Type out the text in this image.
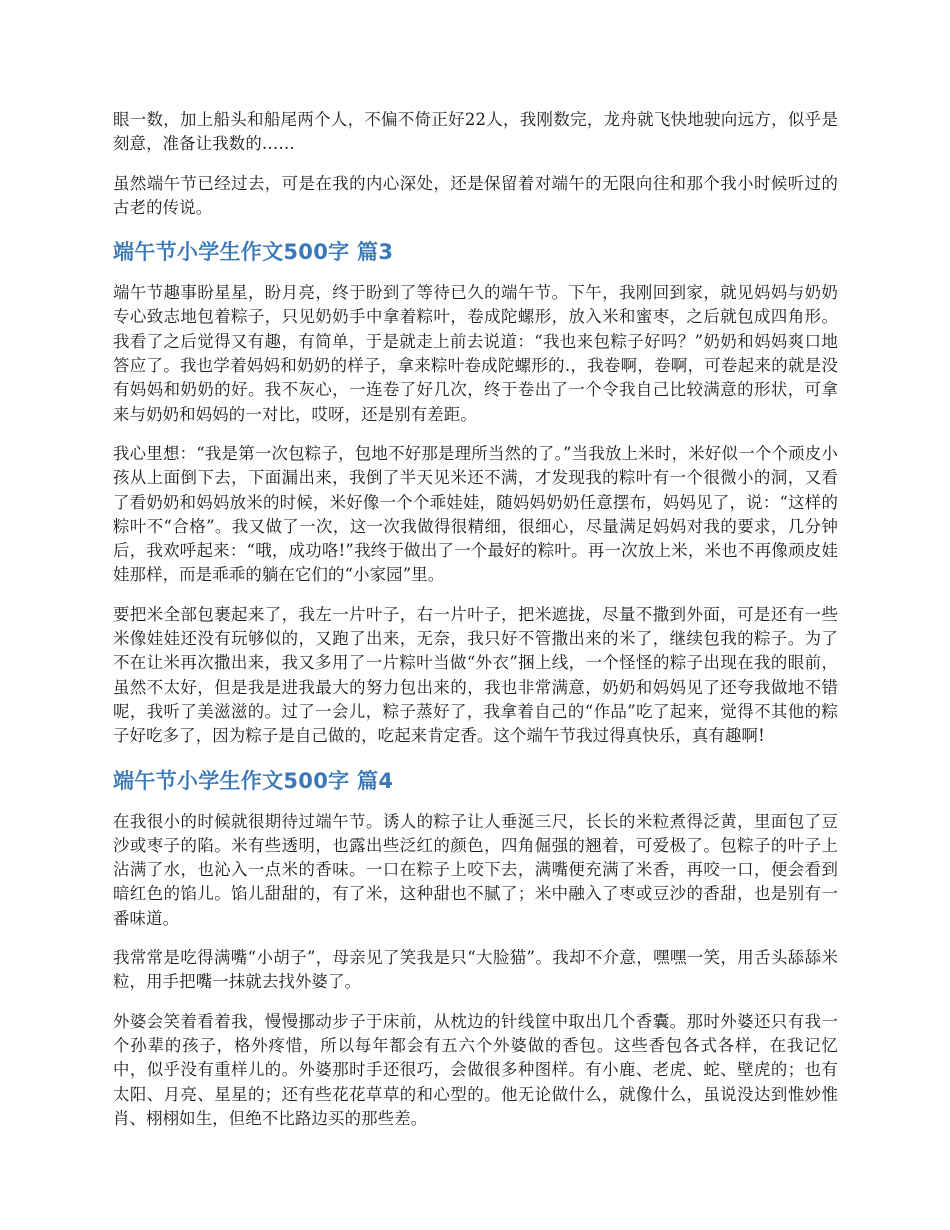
眼一数，加上船头和船尾两个人，不偏不倚正好22人，我刚数完，龙舟就飞快地驶向远方，似乎是刻意，准备让我数的……

虽然端午节已经过去，可是在我的内心深处，还是保留着对端午的无限向往和那个我小时候听过的古老的传说。

端午节小学生作文500字 篇3

端午节趣事盼星星，盼月亮，终于盼到了等待已久的端午节。下午，我刚回到家，就见妈妈与奶奶专心致志地包着粽子，只见奶奶手中拿着粽叶，卷成陀螺形，放入米和蜜枣，之后就包成四角形。我看了之后觉得又有趣，有简单，于是就走上前去说道：“我也来包粽子好吗？”奶奶和妈妈爽口地答应了。我也学着妈妈和奶奶的样子，拿来粽叶卷成陀螺形的.，我卷啊，卷啊，可卷起来的就是没有妈妈和奶奶的好。我不灰心，一连卷了好几次，终于卷出了一个令我自己比较满意的形状，可拿来与奶奶和妈妈的一对比，哎呀，还是别有差距。

我心里想：“我是第一次包粽子，包地不好那是理所当然的了。”当我放上米时，米好似一个个顽皮小孩从上面倒下去，下面漏出来，我倒了半天见米还不满，才发现我的粽叶有一个很微小的洞，又看了看奶奶和妈妈放米的时候，米好像一个个乖娃娃，随妈妈奶奶任意摆布，妈妈见了，说：“这样的粽叶不“合格”。我又做了一次，这一次我做得很精细，很细心，尽量满足妈妈对我的要求，几分钟后，我欢呼起来：“哦，成功咯!”我终于做出了一个最好的粽叶。再一次放上米，米也不再像顽皮娃娃那样，而是乖乖的躺在它们的“小家园”里。

要把米全部包裹起来了，我左一片叶子，右一片叶子，把米遮拢，尽量不撒到外面，可是还有一些米像娃娃还没有玩够似的，又跑了出来，无奈，我只好不管撒出来的米了，继续包我的粽子。为了不在让米再次撒出来，我又多用了一片粽叶当做“外衣”捆上线，一个怪怪的粽子出现在我的眼前，虽然不太好，但是我是进我最大的努力包出来的，我也非常满意，奶奶和妈妈见了还夸我做地不错呢，我听了美滋滋的。过了一会儿，粽子蒸好了，我拿着自己的“作品”吃了起来，觉得不其他的粽子好吃多了，因为粽子是自己做的，吃起来肯定香。这个端午节我过得真快乐，真有趣啊!

端午节小学生作文500字 篇4

在我很小的时候就很期待过端午节。诱人的粽子让人垂涎三尺，长长的米粒煮得泛黄，里面包了豆沙或枣子的陷。米有些透明，也露出些泛红的颜色，四角倔强的翘着，可爱极了。包粽子的叶子上沾满了水，也沁入一点米的香味。一口在粽子上咬下去，满嘴便充满了米香，再咬一口，便会看到暗红色的馅儿。馅儿甜甜的，有了米，这种甜也不腻了；米中融入了枣或豆沙的香甜，也是别有一番味道。

我常常是吃得满嘴“小胡子”，母亲见了笑我是只“大脸猫”。我却不介意，嘿嘿一笑，用舌头舔舔米粒，用手把嘴一抹就去找外婆了。

外婆会笑着看着我，慢慢挪动步子于床前，从枕边的针线筐中取出几个香囊。那时外婆还只有我一个孙辈的孩子，格外疼惜，所以每年都会有五六个外婆做的香包。这些香包各式各样，在我记忆中，似乎没有重样儿的。外婆那时手还很巧，会做很多种图样。有小鹿、老虎、蛇、壁虎的；也有太阳、月亮、星星的；还有些花花草草的和心型的。他无论做什么，就像什么，虽说没达到惟妙惟肖、栩栩如生，但绝不比路边买的那些差。
